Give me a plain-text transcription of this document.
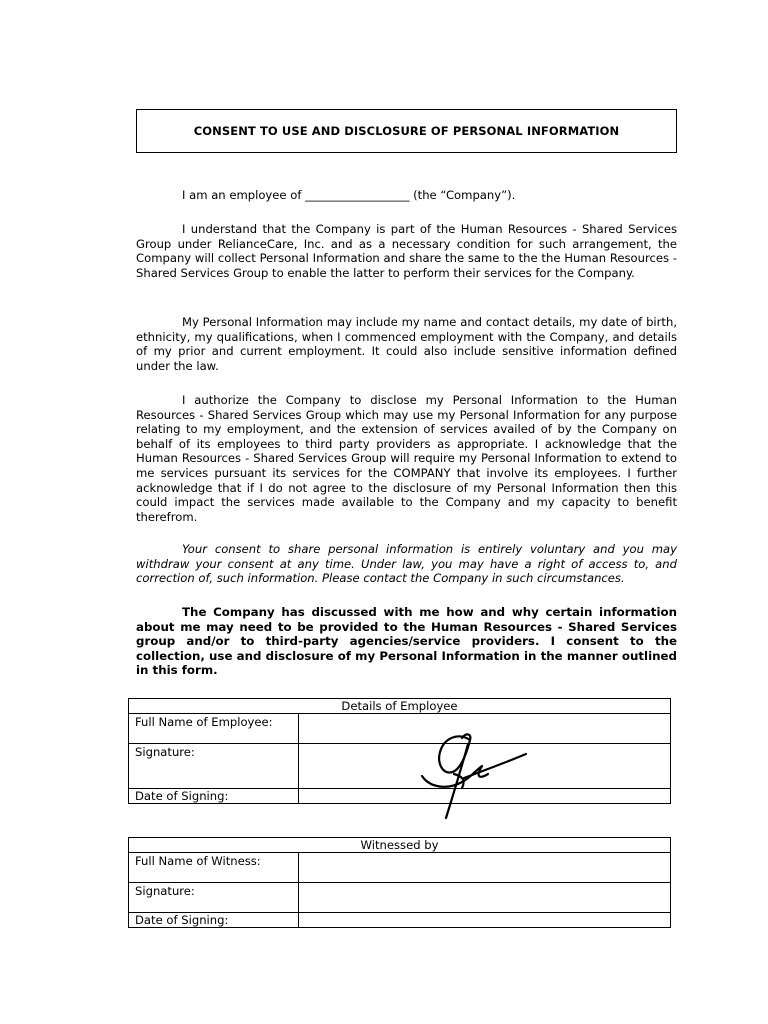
CONSENT TO USE AND DISCLOSURE OF PERSONAL INFORMATION

I am an employee of __________________ (the “Company”).

I understand that the Company is part of the Human Resources - Shared Services Group under RelianceCare, Inc. and as a necessary condition for such arrangement, the Company will collect Personal Information and share the same to the the Human Resources - Shared Services Group to enable the latter to perform their services for the Company.

My Personal Information may include my name and contact details, my date of birth, ethnicity, my qualifications, when I commenced employment with the Company, and details of my prior and current employment. It could also include sensitive information defined under the law.

I authorize the Company to disclose my Personal Information to the Human Resources - Shared Services Group which may use my Personal Information for any purpose relating to my employment, and the extension of services availed of by the Company on behalf of its employees to third party providers as appropriate. I acknowledge that the Human Resources - Shared Services Group will require my Personal Information to extend to me services pursuant its services for the COMPANY that involve its employees. I further acknowledge that if I do not agree to the disclosure of my Personal Information then this could impact the services made available to the Company and my capacity to benefit therefrom.

Your consent to share personal information is entirely voluntary and you may withdraw your consent at any time. Under law, you may have a right of access to, and correction of, such information. Please contact the Company in such circumstances.

The Company has discussed with me how and why certain information about me may need to be provided to the Human Resources - Shared Services group and/or to third-party agencies/service providers. I consent to the collection, use and disclosure of my Personal Information in the manner outlined in this form.

Details of Employee	
Full Name of Employee:	
Signature:	
Date of Signing:	
Witnessed by	
Full Name of Witness:	
Signature:	
Date of Signing:	
